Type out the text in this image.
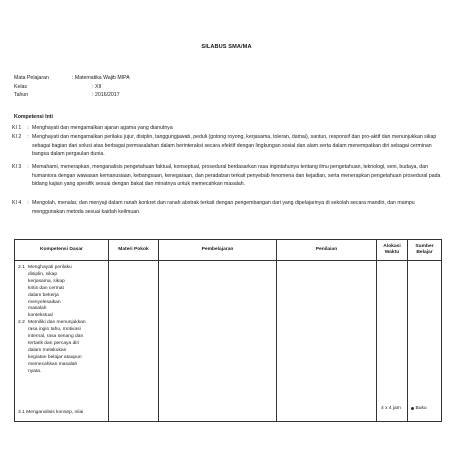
SILABUS SMA/MA
Mata Pelajaran	: Matematika Wajib MIPA
Kelas	: XII
Tahun	: 2016/2017
Kompetensi Inti
KI 1	: Menghayati dan mengamalkan ajaran agama yang dianutnya
KI 2	: Menghayati dan mengamalkan perilaku jujur, disiplin, tanggungjawab, peduli (gotong royong, kerjasama, toleran, damai), santun, responsif dan pro-aktif dan menunjukkan sikap sebagai bagian dari solusi atas berbagai permasalahan dalam berinteraksi secara efektif dengan lingkungan sosial dan alam serta dalam menempatkan diri sebagai cerminan bangsa dalam pergaulan dunia.
KI 3	: Memahami, menerapkan, menganalisis pengetahuan faktual, konseptual, prosedural berdasarkan rasa ingintahunya tentang ilmu pengetahuan, teknologi, seni, budaya, dan humaniora dengan wawasan kemanusiaan, kebangsaan, kenegaraan, dan peradaban terkait penyebab fenomena dan kejadian, serta menerapkan pengetahuan prosedural pada bidang kajian yang spesifik sesuai dengan bakat dan minatnya untuk memecahkan masalah.
KI 4	: Mengolah, menalar, dan menyaji dalam ranah konkret dan ranah abstrak terkait dengan pengembangan dari yang dipelajarinya di sekolah secara mandiri, dan mampu menggunakan metoda sesuai kaidah keilmuan.
Kompetensi Dasar	Materi Pokok	Pembelajaran	Penilaian	Alokasi Waktu	Sumber Belajar

2.1 Menghayati perilaku disiplin, sikap kerjasama, sikap kritis dan cermat dalam bekerja menyelesaikan masalah kontekstual
2.2 Memiliki dan menunjukkan rasa ingin tahu, motivasi internal, rasa senang dan tertarik dan percaya diri dalam melakukan kegiatan belajar ataupun memecahkan masalah nyata.
3.1 Menganalisis konsep, nilai				4 x 4 jam	Buku
